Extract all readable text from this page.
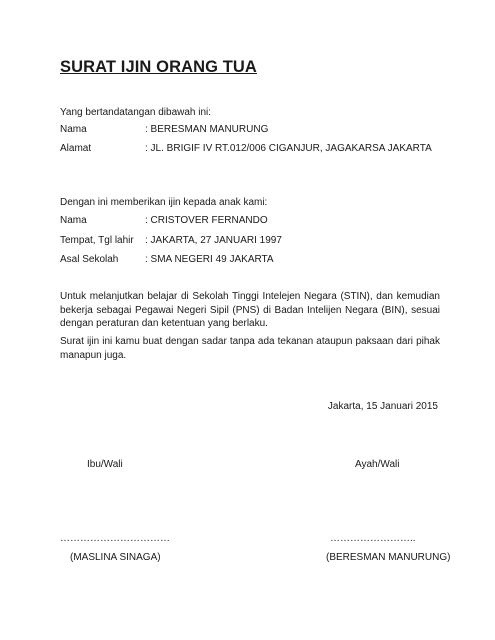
SURAT IJIN ORANG TUA
Yang bertandatangan dibawah ini:
Nama	: BERESMAN MANURUNG
Alamat	: JL. BRIGIF IV RT.012/006 CIGANJUR, JAGAKARSA JAKARTA
Dengan ini memberikan ijin kepada anak kami:
Nama	: CRISTOVER FERNANDO
Tempat, Tgl lahir : JAKARTA, 27 JANUARI 1997
Asal Sekolah	: SMA NEGERI 49 JAKARTA
Untuk melanjutkan belajar di Sekolah Tinggi Intelejen Negara (STIN), dan kemudian bekerja sebagai Pegawai Negeri Sipil (PNS) di Badan Intelijen Negara (BIN), sesuai dengan peraturan dan ketentuan yang berlaku.
Surat ijin ini kamu buat dengan sadar tanpa ada tekanan ataupun paksaan dari pihak manapun juga.
Jakarta, 15 Januari 2015
Ibu/Wali	Ayah/Wali
……………………………	……………………..
(MASLINA SINAGA)	(BERESMAN MANURUNG)
